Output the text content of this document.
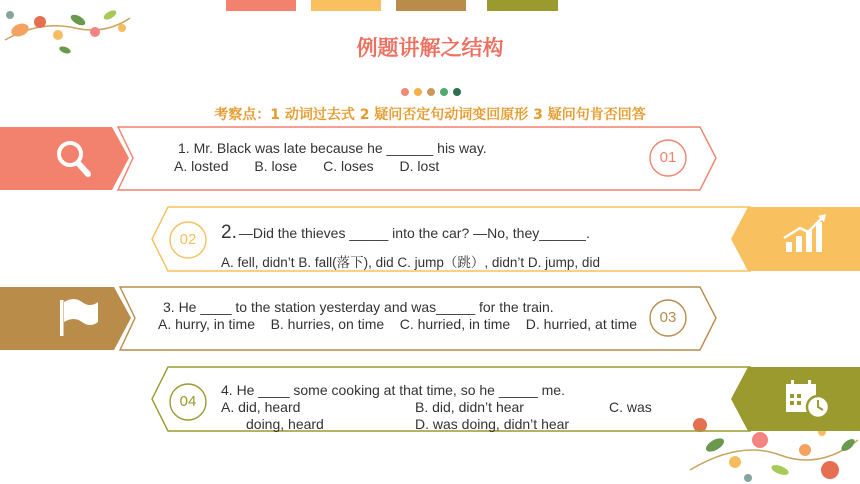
例题讲解之结构
考察点：1 动词过去式 2 疑问否定句动词变回原形 3 疑问句肯否回答
01
02
03
04
1. Mr. Black was late because he ______ his way.
A. losted B. lose C. loses D. lost
2. —Did the thieves _____ into the car? —No, they______.
A. fell, didn’t B. fall(落下), did C. jump（跳）, didn’t D. jump, did
3. He ____ to the station yesterday and was_____ for the train.
A. hurry, in time B. hurries, on time C. hurried, in time D. hurried, at time
4. He ____ some cooking at that time, so he _____ me.
A. did, heard	B. did, didn’t hear	C. was
doing, heard	D. was doing, didn’t hear
